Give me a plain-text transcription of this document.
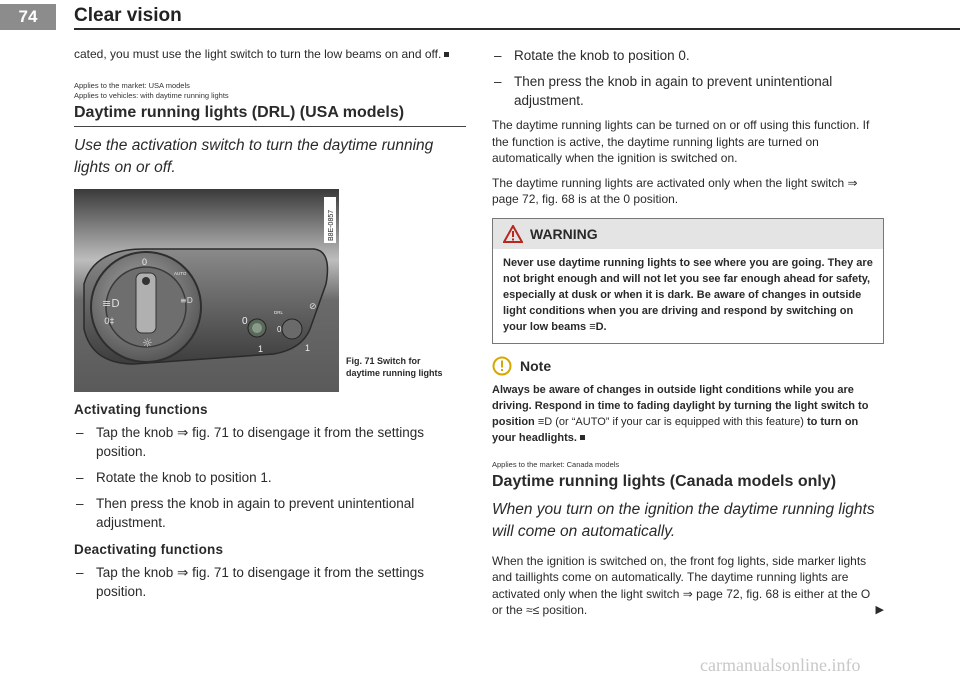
74	Clear vision

cated, you must use the light switch to turn the low beams on and off.

Applies to the market: USA models

Applies to vehicles: with daytime running lights

Daytime running lights (DRL) (USA models)

Use the activation switch to turn the daytime running lights on or off.

0
AUTO
≡D
0‡
≡D
☼
0
1
DRL
0
1
⊘
B8E-0857
Fig. 71 Switch for
daytime running lights
Activating functions
– Tap the knob ⇒ fig. 71 to disengage it from the settings position.
– Rotate the knob to position 1.
– Then press the knob in again to prevent unintentional adjustment.
Deactivating functions
– Tap the knob ⇒ fig. 71 to disengage it from the settings position.
– Rotate the knob to position 0.
– Then press the knob in again to prevent unintentional adjustment.

The daytime running lights can be turned on or off using this function. If the function is active, the daytime running lights are turned on automatically when the ignition is switched on.

The daytime running lights are activated only when the light switch ⇒ page 72, fig. 68 is at the 0 position.

WARNING
Never use daytime running lights to see where you are going. They are not bright enough and will not let you see far enough ahead for safety, especially at dusk or when it is dark. Be aware of changes in outside light conditions when you are driving and respond by switching on your low beams ≡D.
Note

Always be aware of changes in outside light conditions while you are driving. Respond in time to fading daylight by turning the light switch to position ≡D (or “AUTO” if your car is equipped with this feature) to turn on your headlights.

Applies to the market: Canada models

Daytime running lights (Canada models only)

When you turn on the ignition the daytime running lights will come on automatically.

When the ignition is switched on, the front fog lights, side marker lights and taillights come on automatically. The daytime running lights are activated only when the light switch ⇒ page 72, fig. 68 is either at the O or the ≈≤ position.	▶

carmanualsonline.info
